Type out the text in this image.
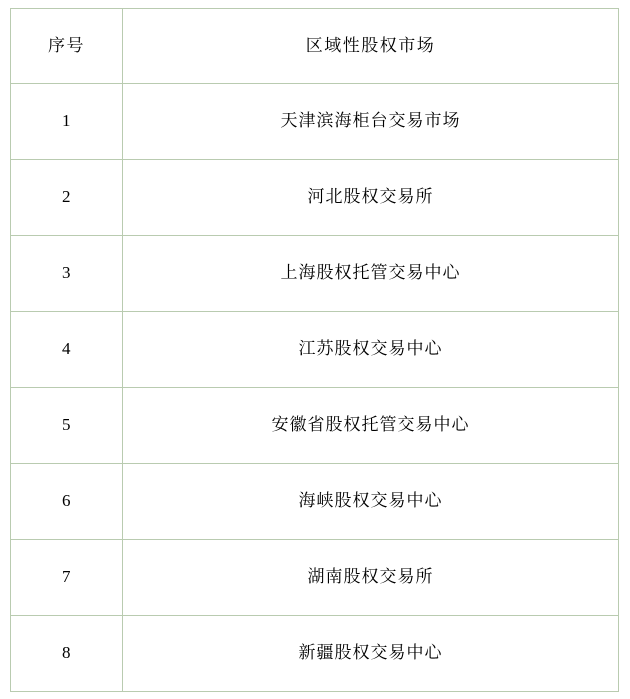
序号	区域性股权市场
1	天津滨海柜台交易市场
2	河北股权交易所
3	上海股权托管交易中心
4	江苏股权交易中心
5	安徽省股权托管交易中心
6	海峡股权交易中心
7	湖南股权交易所
8	新疆股权交易中心
